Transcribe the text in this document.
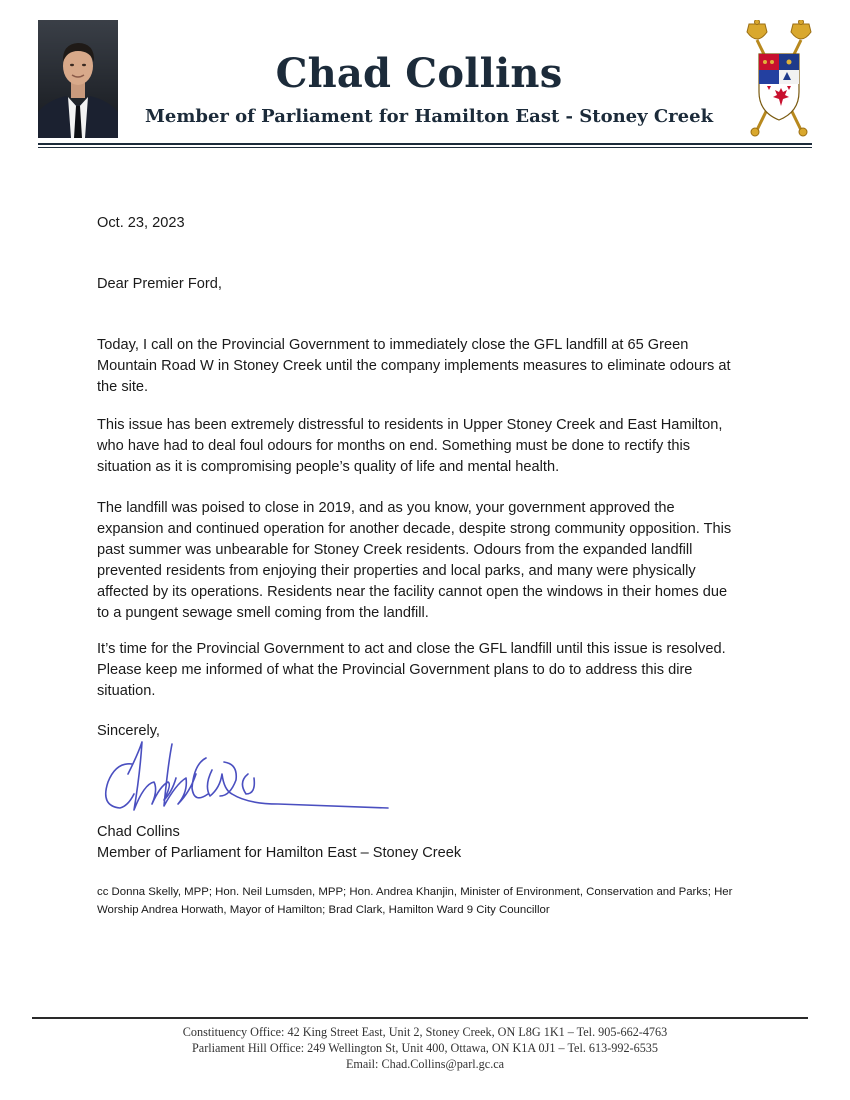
Chad Collins
Member of Parliament for Hamilton East - Stoney Creek
Oct. 23, 2023
Dear Premier Ford,

Today, I call on the Provincial Government to immediately close the GFL landfill at 65 Green Mountain Road W in Stoney Creek until the company implements measures to eliminate odours at the site.

This issue has been extremely distressful to residents in Upper Stoney Creek and East Hamilton, who have had to deal foul odours for months on end. Something must be done to rectify this situation as it is compromising people’s quality of life and mental health.

The landfill was poised to close in 2019, and as you know, your government approved the expansion and continued operation for another decade, despite strong community opposition. This past summer was unbearable for Stoney Creek residents. Odours from the expanded landfill prevented residents from enjoying their properties and local parks, and many were physically affected by its operations. Residents near the facility cannot open the windows in their homes due to a pungent sewage smell coming from the landfill.

It’s time for the Provincial Government to act and close the GFL landfill until this issue is resolved. Please keep me informed of what the Provincial Government plans to do to address this dire situation.

Sincerely,
Chad Collins
Member of Parliament for Hamilton East – Stoney Creek

cc Donna Skelly, MPP; Hon. Neil Lumsden, MPP; Hon. Andrea Khanjin, Minister of Environment, Conservation and Parks; Her Worship Andrea Horwath, Mayor of Hamilton; Brad Clark, Hamilton Ward 9 City Councillor

Constituency Office: 42 King Street East, Unit 2, Stoney Creek, ON L8G 1K1 – Tel. 905-662-4763
Parliament Hill Office: 249 Wellington St, Unit 400, Ottawa, ON K1A 0J1 – Tel. 613-992-6535
Email: Chad.Collins@parl.gc.ca
